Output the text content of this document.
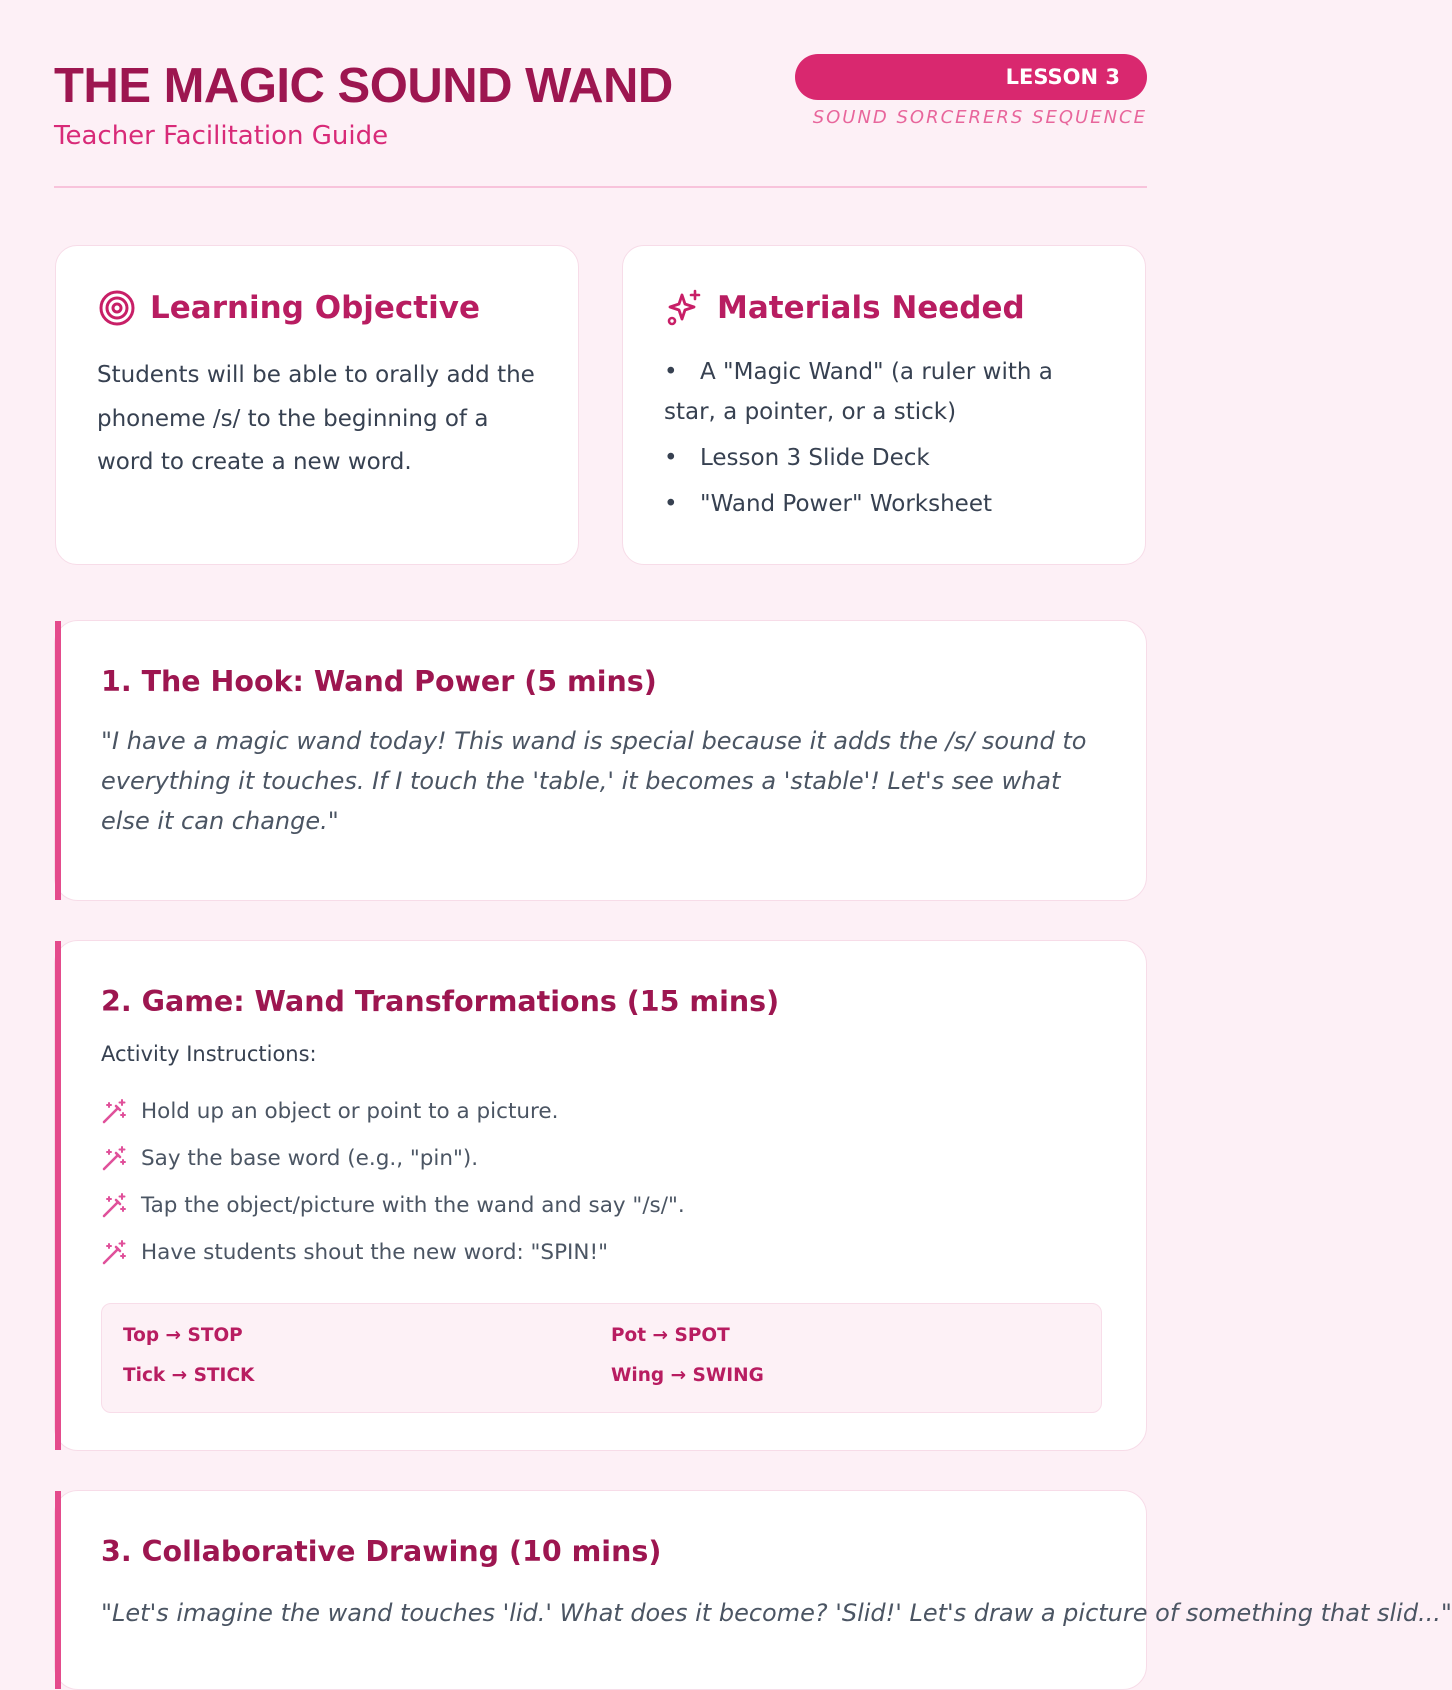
THE MAGIC SOUND WAND
Teacher Facilitation Guide
LESSON 3
SOUND SORCERERS SEQUENCE
Learning Objective

Students will be able to orally add the phoneme /s/ to the beginning of a word to create a new word.

Materials Needed
• A "Magic Wand" (a ruler with a star, a pointer, or a stick)
• Lesson 3 Slide Deck
• "Wand Power" Worksheet
1. The Hook: Wand Power (5 mins)

"I have a magic wand today! This wand is special because it adds the /s/ sound to everything it touches. If I touch the 'table,' it becomes a 'stable'! Let's see what else it can change."

2. Game: Wand Transformations (15 mins)
Activity Instructions:
Hold up an object or point to a picture.
Say the base word (e.g., "pin").
Tap the object/picture with the wand and say "/s/".
Have students shout the new word: "SPIN!"
Top → STOP	Pot → SPOT
Tick → STICK	Wing → SWING
3. Collaborative Drawing (10 mins)

"Let's imagine the wand touches 'lid.' What does it become? 'Slid!' Let's draw a picture of something that slid..."
